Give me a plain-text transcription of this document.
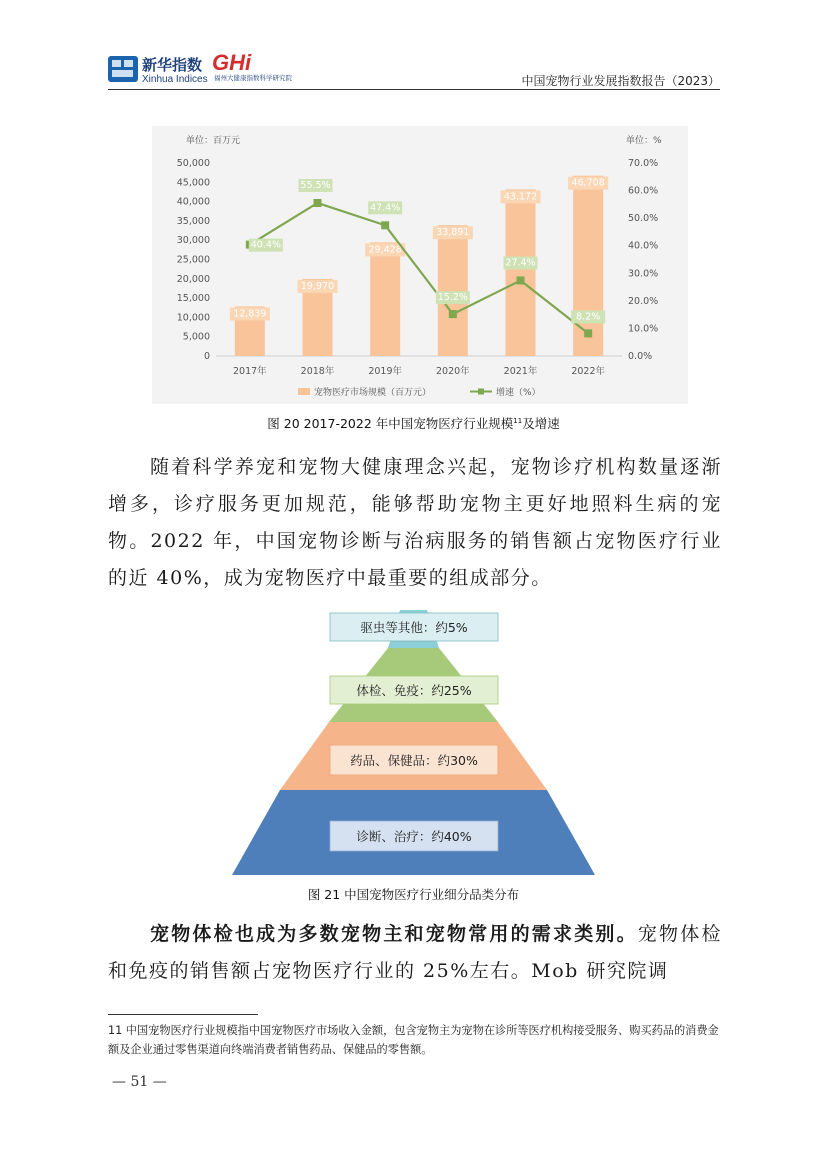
新华指数
Xinhua Indices
GHi
福州大健康指数科学研究院	中国宠物行业发展指数报告（2023）
单位：百万元	单位：%
0
5,000
10,000
15,000
20,000
25,000
30,000
35,000
40,000
45,000
50,000
0.0%
10.0%
20.0%
30.0%
40.0%
50.0%
60.0%
70.0%
12,839
19,970
29,428
33,891
43,172
46,708
40.4%
55.5%
47.4%
15.2%
27.4%
8.2%
2017年	2018年	2019年	2020年	2021年	2022年
宠物医疗市场规模（百万元）	增速（%）
图 20 2017-2022 年中国宠物医疗行业规模$^{11}$及增速
随着科学养宠和宠物大健康理念兴起，宠物诊疗机构数量逐渐增多，诊疗服务更加规范，能够帮助宠物主更好地照料生病的宠物。2022 年，中国宠物诊断与治病服务的销售额占宠物医疗行业的近 40%，成为宠物医疗中最重要的组成部分。
驱虫等其他：约5%
体检、免疫：约25%
药品、保健品：约30%
诊断、治疗：约40%
图 21 中国宠物医疗行业细分品类分布
宠物体检也成为多数宠物主和宠物常用的需求类别。宠物体检和免疫的销售额占宠物医疗行业的 25%左右。Mob 研究院调
11 中国宠物医疗行业规模指中国宠物医疗市场收入金额，包含宠物主为宠物在诊所等医疗机构接受服务、购买药品的消费金额及企业通过零售渠道向终端消费者销售药品、保健品的零售额。
— 51 —
